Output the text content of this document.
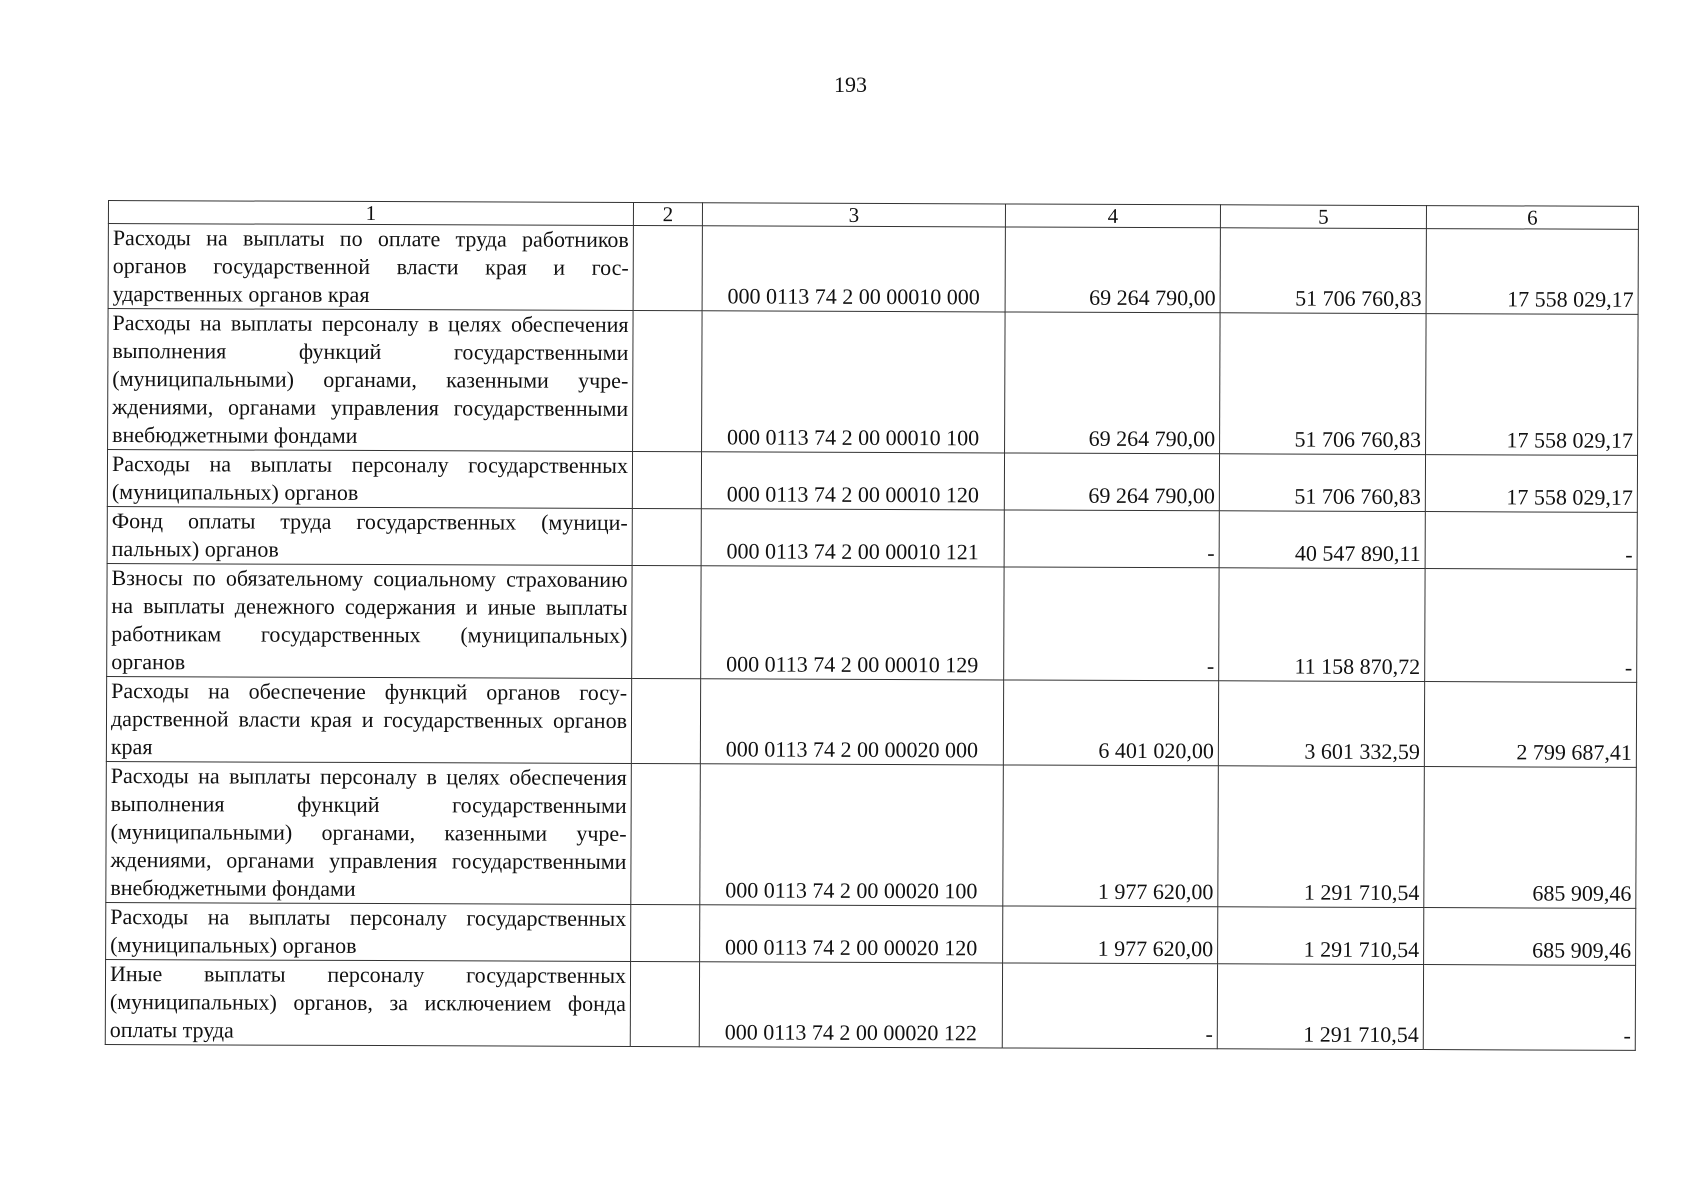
193
1	2	3	4	5	6
Расходы на выплаты по оплате труда работников органов государственной власти края и государственных органов края		000 0113 74 2 00 00010 000	69 264 790,00	51 706 760,83	17 558 029,17
Расходы на выплаты персоналу в целях обеспечения выполнения функций государственными (муниципальными) органами, казенными учреждениями, органами управления государственными внебюджетными фондами		000 0113 74 2 00 00010 100	69 264 790,00	51 706 760,83	17 558 029,17
Расходы на выплаты персоналу государственных (муниципальных) органов		000 0113 74 2 00 00010 120	69 264 790,00	51 706 760,83	17 558 029,17
Фонд оплаты труда государственных (муниципальных) органов		000 0113 74 2 00 00010 121	-	40 547 890,11	-
Взносы по обязательному социальному страхованию на выплаты денежного содержания и иные выплаты работникам государственных (муниципальных) органов		000 0113 74 2 00 00010 129	-	11 158 870,72	-
Расходы на обеспечение функций органов государственной власти края и государственных органов края		000 0113 74 2 00 00020 000	6 401 020,00	3 601 332,59	2 799 687,41
Расходы на выплаты персоналу в целях обеспечения выполнения функций государственными (муниципальными) органами, казенными учреждениями, органами управления государственными внебюджетными фондами		000 0113 74 2 00 00020 100	1 977 620,00	1 291 710,54	685 909,46
Расходы на выплаты персоналу государственных (муниципальных) органов		000 0113 74 2 00 00020 120	1 977 620,00	1 291 710,54	685 909,46
Иные выплаты персоналу государственных (муниципальных) органов, за исключением фонда оплаты труда		000 0113 74 2 00 00020 122	-	1 291 710,54	-
